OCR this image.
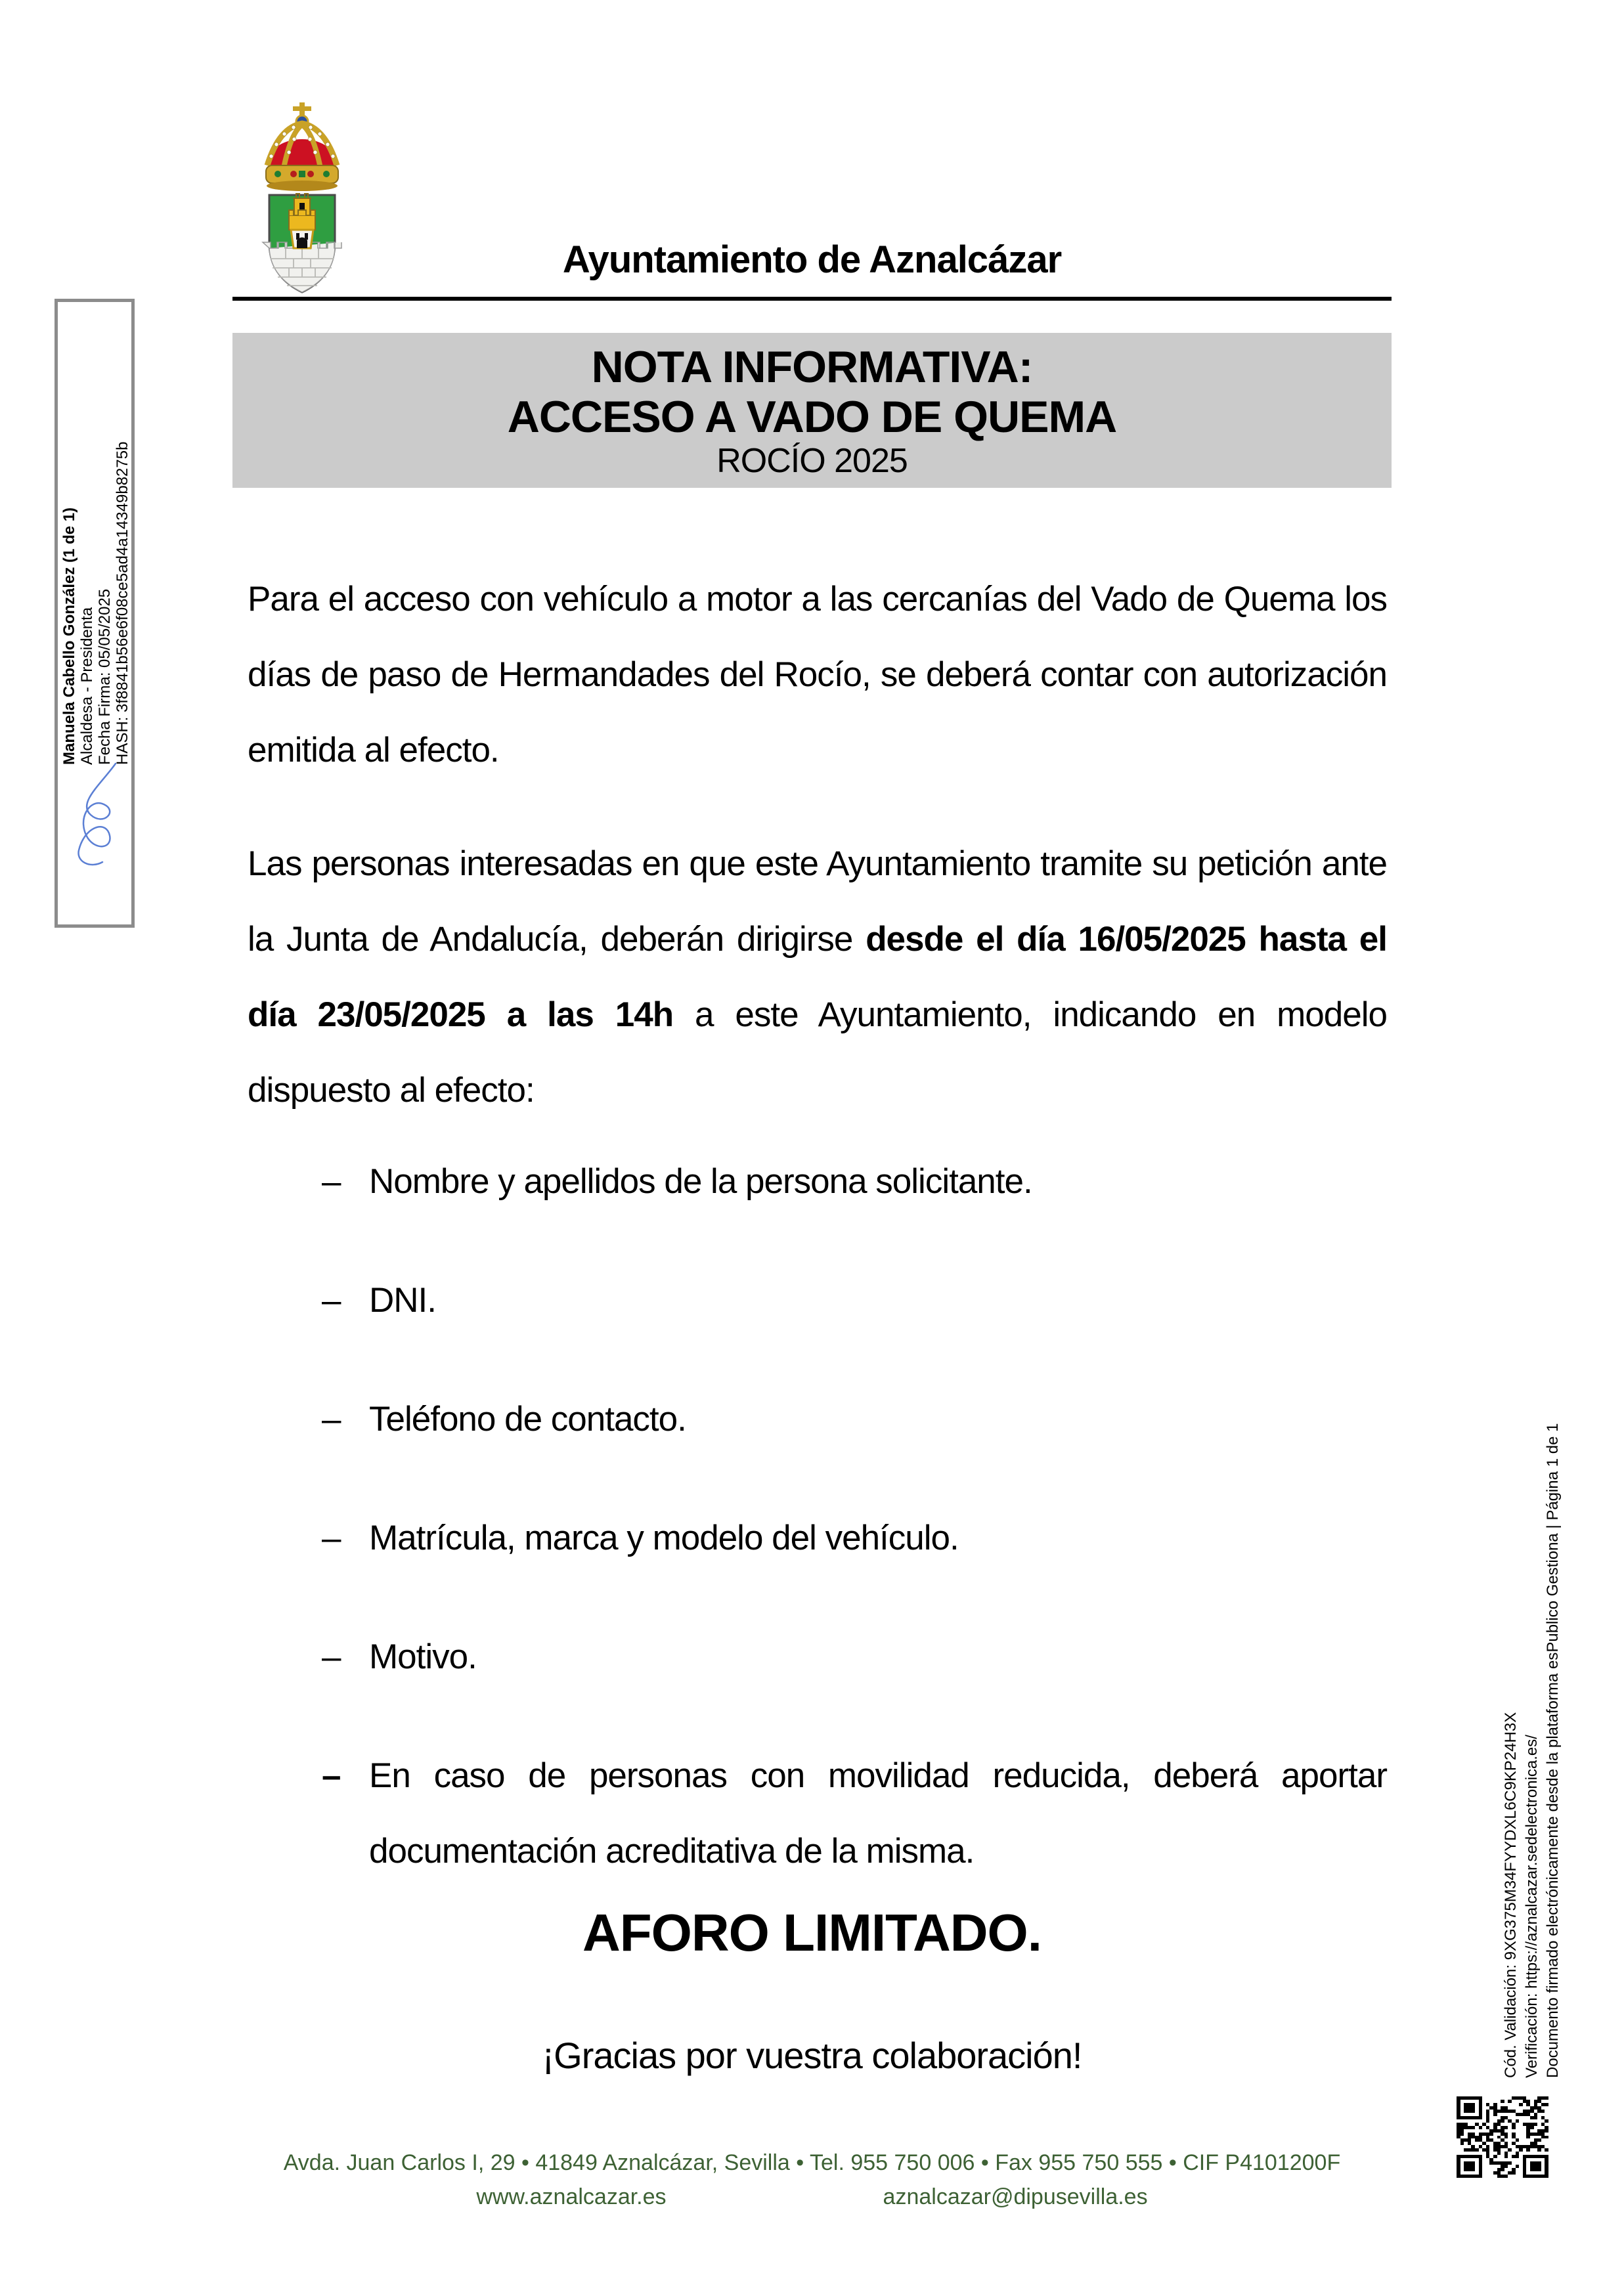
Ayuntamiento de Aznalcázar
NOTA INFORMATIVA:
ACCESO A VADO DE QUEMA
ROCÍO 2025
Para el acceso con vehículo a motor a las cercanías del Vado de Quema los días de paso de Hermandades del Rocío, se deberá contar con autorización emitida al efecto.
Las personas interesadas en que este Ayuntamiento tramite su petición ante la Junta de Andalucía, deberán dirigirse desde el día 16/05/2025 hasta el día 23/05/2025 a las 14h a este Ayuntamiento, indicando en modelo dispuesto al efecto:
– Nombre y apellidos de la persona solicitante.
– DNI.
– Teléfono de contacto.
– Matrícula, marca y modelo del vehículo.
– Motivo.
– En caso de personas con movilidad reducida, deberá aportar documentación acreditativa de la misma.
AFORO LIMITADO.
¡Gracias por vuestra colaboración!
Avda. Juan Carlos I, 29 • 41849 Aznalcázar, Sevilla • Tel. 955 750 006 • Fax 955 750 555 • CIF P4101200F
www.aznalcazar.es	aznalcazar@dipusevilla.es
Manuela Cabello González (1 de 1) Alcaldesa - Presidenta Fecha Firma: 05/05/2025 HASH: 3f8841b56e6f08ce5ad4a14349b8275b
Cód. Validación: 9XG375M34FYYDXL6C9KP24H3X Verificación: https://aznalcazar.sedelectronica.es/ Documento firmado electrónicamente desde la plataforma esPublico Gestiona | Página 1 de 1
